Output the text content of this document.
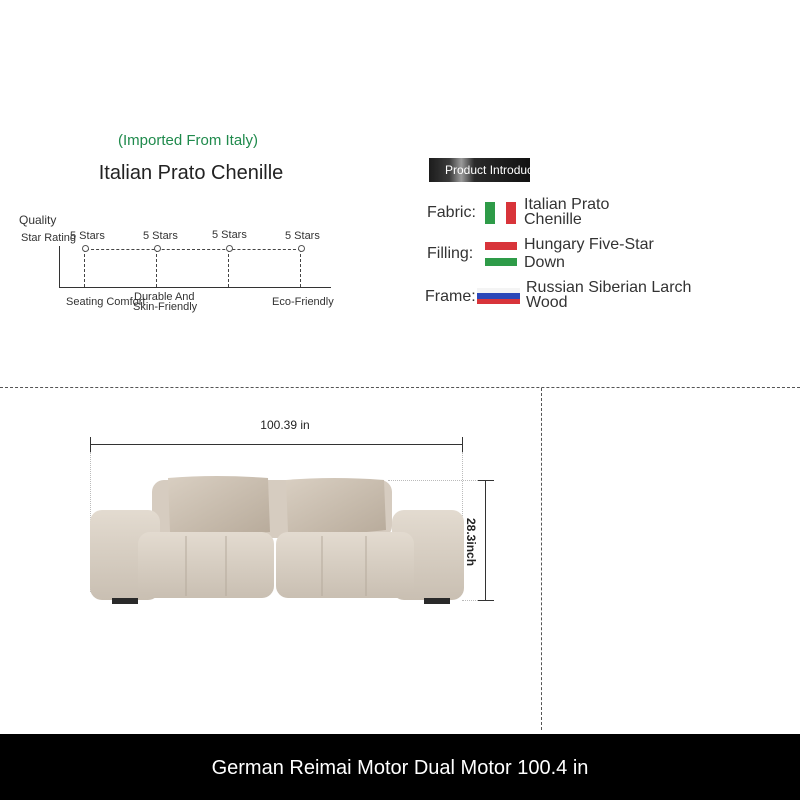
(Imported From Italy)
Italian Prato Chenille
Quality
Star Rating
5 Stars	5 Stars	5 Stars	5 Stars
Seating Comfort
Durable And
Skin-Friendly	Eco-Friendly
Product Introduction
Fabric:	Italian Prato
Chenille
Filling:
Hungary Five-Star
Down
Frame:
Russian Siberian Larch
Wood
100.39 in
28.3inch
German Reimai Motor Dual Motor 100.4 in
